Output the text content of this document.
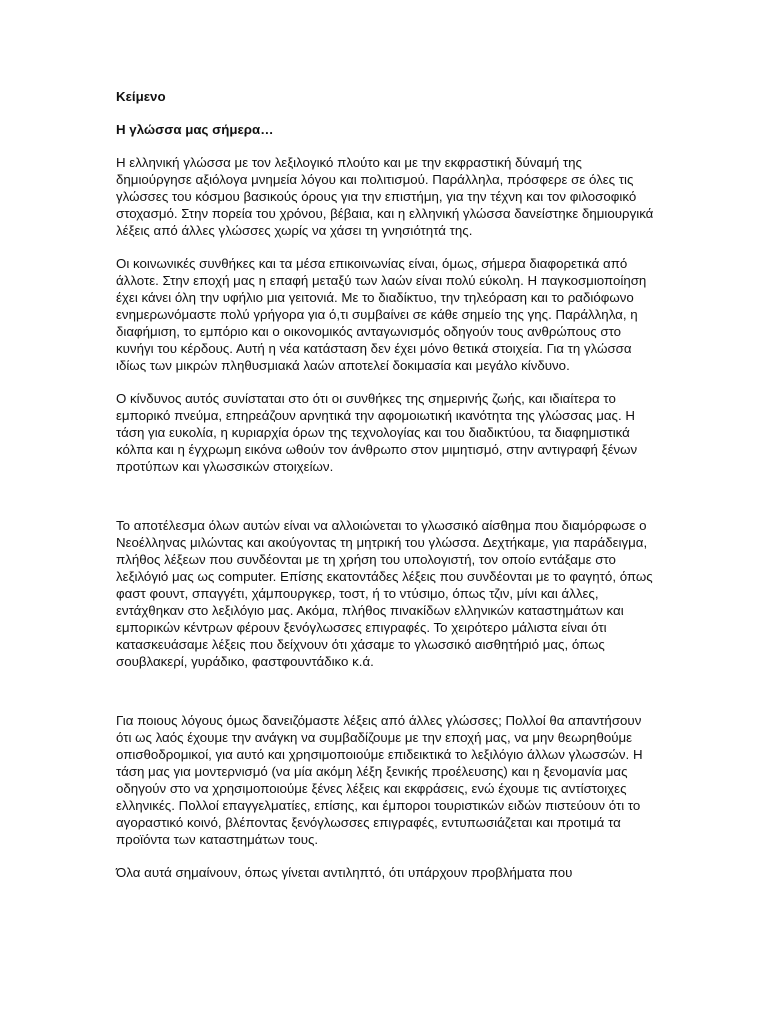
Κείμενο

Η γλώσσα μας σήμερα…

Η ελληνική γλώσσα με τον λεξιλογικό πλούτο και με την εκφραστική δύναμή της δημιούργησε αξιόλογα μνημεία λόγου και πολιτισμού. Παράλληλα, πρόσφερε σε όλες τις γλώσσες του κόσμου βασικούς όρους για την επιστήμη, για την τέχνη και τον φιλοσοφικό στοχασμό. Στην πορεία του χρόνου, βέβαια, και η ελληνική γλώσσα δανείστηκε δημιουργικά λέξεις από άλλες γλώσσες χωρίς να χάσει τη γνησιότητά της.

Οι κοινωνικές συνθήκες και τα μέσα επικοινωνίας είναι, όμως, σήμερα διαφορετικά από άλλοτε. Στην εποχή μας η επαφή μεταξύ των λαών είναι πολύ εύκολη. Η παγκοσμιοποίηση έχει κάνει όλη την υφήλιο μια γειτονιά. Με το διαδίκτυο, την τηλεόραση και το ραδιόφωνο ενημερωνόμαστε πολύ γρήγορα για ό,τι συμβαίνει σε κάθε σημείο της γης. Παράλληλα, η διαφήμιση, το εμπόριο και ο οικονομικός ανταγωνισμός οδηγούν τους ανθρώπους στο κυνήγι του κέρδους. Αυτή η νέα κατάσταση δεν έχει μόνο θετικά στοιχεία. Για τη γλώσσα ιδίως των μικρών πληθυσμιακά λαών αποτελεί δοκιμασία και μεγάλο κίνδυνο.

Ο κίνδυνος αυτός συνίσταται στο ότι οι συνθήκες της σημερινής ζωής, και ιδιαίτερα το εμπορικό πνεύμα, επηρεάζουν αρνητικά την αφομοιωτική ικανότητα της γλώσσας μας. Η τάση για ευκολία, η κυριαρχία όρων της τεχνολογίας και του διαδικτύου, τα διαφημιστικά κόλπα και η έγχρωμη εικόνα ωθούν τον άνθρωπο στον μιμητισμό, στην αντιγραφή ξένων προτύπων και γλωσσικών στοιχείων.

Το αποτέλεσμα όλων αυτών είναι να αλλοιώνεται το γλωσσικό αίσθημα που διαμόρφωσε ο Νεοέλληνας μιλώντας και ακούγοντας τη μητρική του γλώσσα. Δεχτήκαμε, για παράδειγμα, πλήθος λέξεων που συνδέονται με τη χρήση του υπολογιστή, τον οποίο εντάξαμε στο λεξιλόγιό μας ως computer. Επίσης εκατοντάδες λέξεις που συνδέονται με το φαγητό, όπως φαστ φουντ, σπαγγέτι, χάμπουργκερ, τοστ, ή το ντύσιμο, όπως τζιν, μίνι και άλλες, εντάχθηκαν στο λεξιλόγιο μας. Ακόμα, πλήθος πινακίδων ελληνικών καταστημάτων και εμπορικών κέντρων φέρουν ξενόγλωσσες επιγραφές. Το χειρότερο μάλιστα είναι ότι κατασκευάσαμε λέξεις που δείχνουν ότι χάσαμε το γλωσσικό αισθητήριό μας, όπως σουβλακερί, γυράδικο, φαστφουντάδικο κ.ά.

Για ποιους λόγους όμως δανειζόμαστε λέξεις από άλλες γλώσσες; Πολλοί θα απαντήσουν ότι ως λαός έχουμε την ανάγκη να συμβαδίζουμε με την εποχή μας, να μην θεωρηθούμε οπισθοδρομικοί, για αυτό και χρησιμοποιούμε επιδεικτικά το λεξιλόγιο άλλων γλωσσών. Η τάση μας για μοντερνισμό (να μία ακόμη λέξη ξενικής προέλευσης) και η ξενομανία μας οδηγούν στο να χρησιμοποιούμε ξένες λέξεις και εκφράσεις, ενώ έχουμε τις αντίστοιχες ελληνικές. Πολλοί επαγγελματίες, επίσης, και έμποροι τουριστικών ειδών πιστεύουν ότι το αγοραστικό κοινό, βλέποντας ξενόγλωσσες επιγραφές, εντυπωσιάζεται και προτιμά τα προϊόντα των καταστημάτων τους.

Όλα αυτά σημαίνουν, όπως γίνεται αντιληπτό, ότι υπάρχουν προβλήματα που
